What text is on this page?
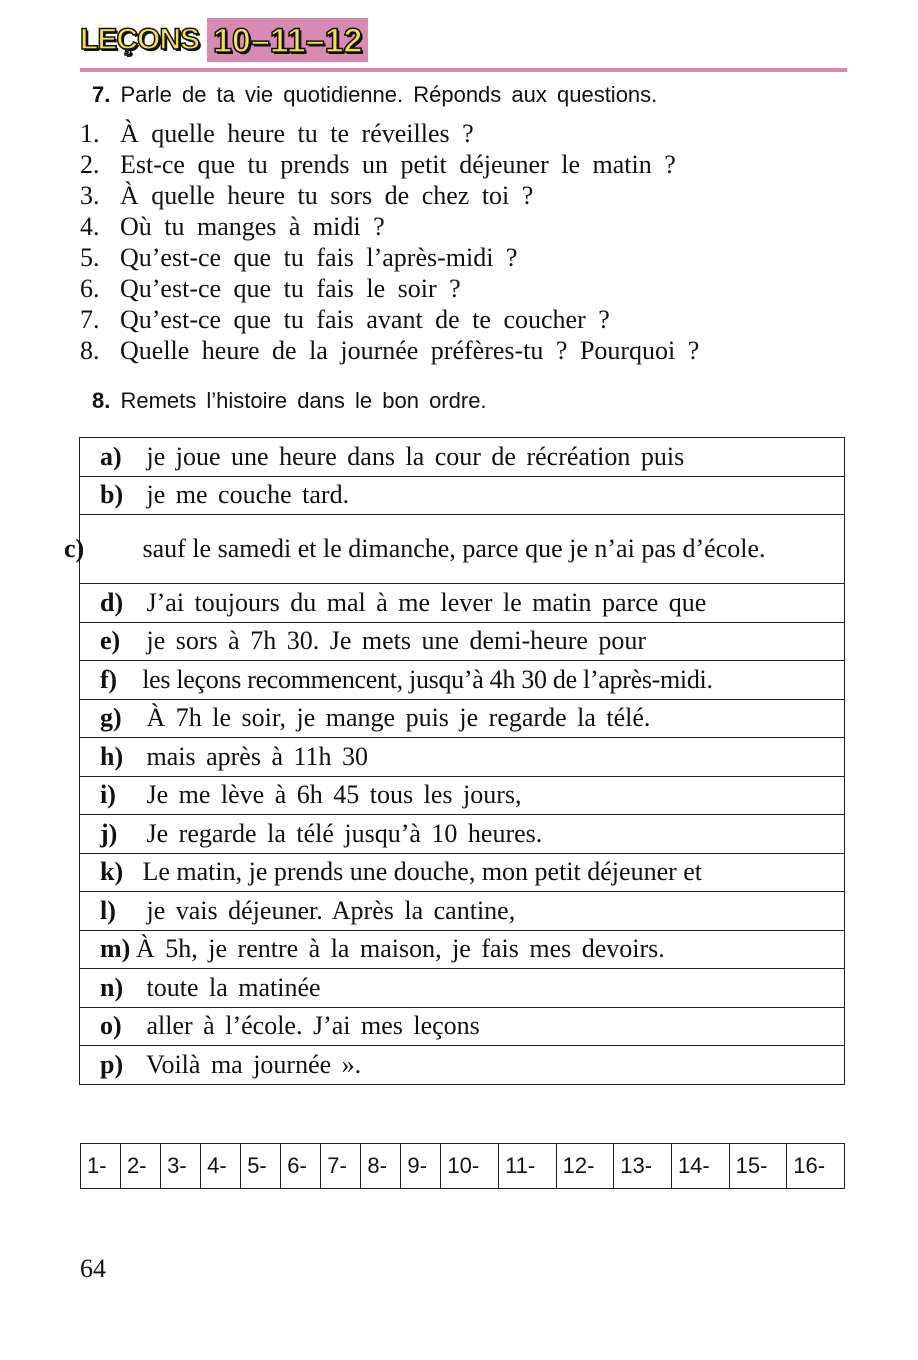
LEÇONS 10–11–12
7. Parle de ta vie quotidienne. Réponds aux questions.
1. À quelle heure tu te réveilles ?
2. Est-ce que tu prends un petit déjeuner le matin ?
3. À quelle heure tu sors de chez toi ?
4. Où tu manges à midi ?
5. Qu’est-ce que tu fais l’après-midi ?
6. Qu’est-ce que tu fais le soir ?
7. Qu’est-ce que tu fais avant de te coucher ?
8. Quelle heure de la journée préfères-tu ? Pourquoi ?
8. Remets l’histoire dans le bon ordre.
a) je joue une heure dans la cour de récréation puis
b) je me couche tard.

c) sauf le samedi et le dimanche, parce que je n’ai pas d’école.

d) J’ai toujours du mal à me lever le matin parce que
e) je sors à 7h 30. Je mets une demi-heure pour
f) les leçons recommencent, jusqu’à 4h 30 de l’après-midi.
g) À 7h le soir, je mange puis je regarde la télé.
h) mais après à 11h 30
i) Je me lève à 6h 45 tous les jours,
j) Je regarde la télé jusqu’à 10 heures.
k) Le matin, je prends une douche, mon petit déjeuner et
l) je vais déjeuner. Après la cantine,
m) À 5h, je rentre à la maison, je fais mes devoirs.
n) toute la matinée
o) aller à l’école. J’ai mes leçons
p) Voilà ma journée ».
1-	2-	3-	4-	5-	6-	7-	8-	9-	10-	11-	12-	13-	14-	15-	16-
64
